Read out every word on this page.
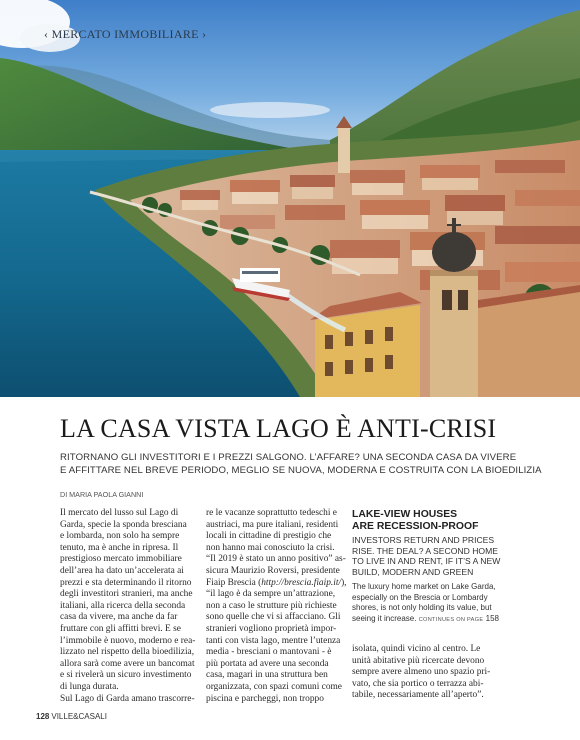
‹ MERCATO IMMOBILIARE ›
LA CASA VISTA LAGO È ANTI-CRISI
RITORNANO GLI INVESTITORI E I PREZZI SALGONO. L’AFFARE? UNA SECONDA CASA DA VIVERE
E AFFITTARE NEL BREVE PERIODO, MEGLIO SE NUOVA, MODERNA E COSTRUITA CON LA BIOEDILIZIA
DI MARIA PAOLA GIANNI
Il mercato del lusso sul Lago di
Garda, specie la sponda bresciana
e lombarda, non solo ha sempre
tenuto, ma è anche in ripresa. Il
prestigioso mercato immobiliare
dell’area ha dato un’accelerata ai
prezzi e sta determinando il ritorno
degli investitori stranieri, ma anche
italiani, alla ricerca della seconda
casa da vivere, ma anche da far
fruttare con gli affitti brevi. E se
l’immobile è nuovo, moderno e rea-
lizzato nel rispetto della bioedilizia,
allora sarà come avere un bancomat
e si rivelerà un sicuro investimento
di lunga durata.
Sul Lago di Garda amano trascorre-
re le vacanze soprattutto tedeschi e
austriaci, ma pure italiani, residenti
locali in cittadine di prestigio che
non hanno mai conosciuto la crisi.
“Il 2019 è stato un anno positivo” as-
sicura Maurizio Roversi, presidente
Fiaip Brescia (http://brescia.fiaip.it/),
“il lago è da sempre un’attrazione,
non a caso le strutture più richieste
sono quelle che vi si affacciano. Gli
stranieri vogliono proprietà impor-
tanti con vista lago, mentre l’utenza
media - bresciani o mantovani - è
più portata ad avere una seconda
casa, magari in una struttura ben
organizzata, con spazi comuni come
piscina e parcheggi, non troppo
LAKE-VIEW HOUSES
ARE RECESSION-PROOF
INVESTORS RETURN AND PRICES
RISE. THE DEAL? A SECOND HOME
TO LIVE IN AND RENT, IF IT’S A NEW
BUILD, MODERN AND GREEN
The luxury home market on Lake Garda,
especially on the Brescia or Lombardy
shores, is not only holding its value, but
seeing it increase. CONTINUES ON PAGE 158
isolata, quindi vicino al centro. Le
unità abitative più ricercate devono
sempre avere almeno uno spazio pri-
vato, che sia portico o terrazza abi-
tabile, necessariamente all’aperto”.
128 VILLE&CASALI
